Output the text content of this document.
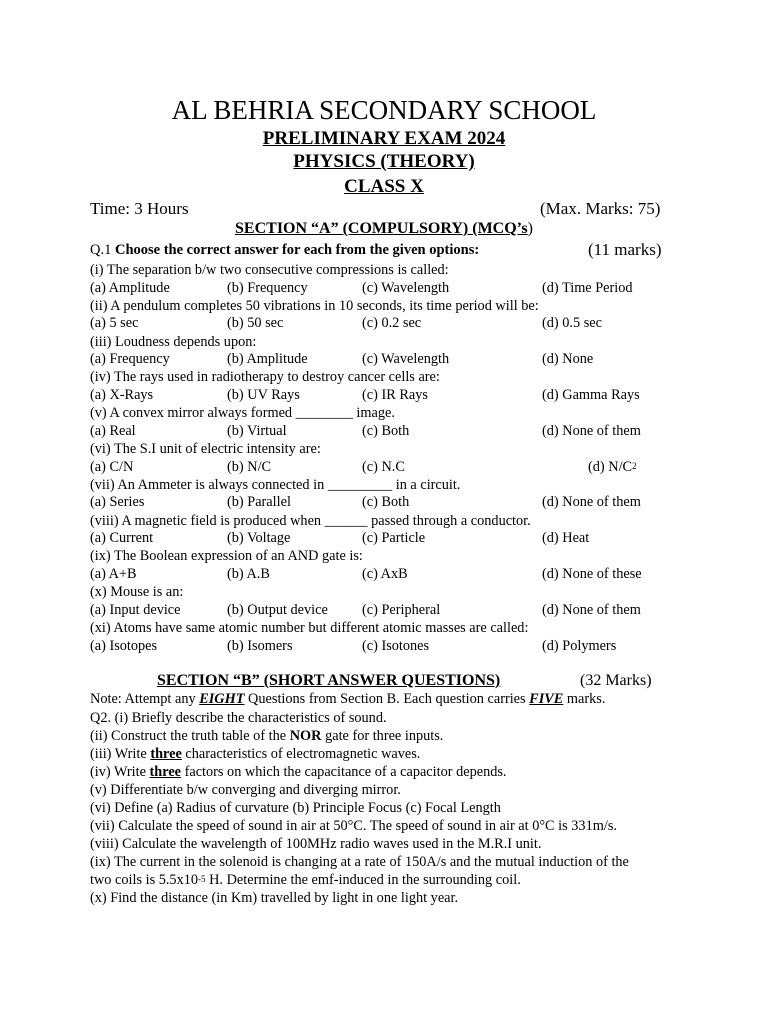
AL BEHRIA SECONDARY SCHOOL
PRELIMINARY EXAM 2024
PHYSICS (THEORY)
CLASS X
Time: 3 Hours	(Max. Marks: 75)
SECTION “A” (COMPULSORY) (MCQ’s)
Q.1 Choose the correct answer for each from the given options:	(11 marks)
(i) The separation b/w two consecutive compressions is called:
(a) Amplitude	(b) Frequency	(c) Wavelength	(d) Time Period
(ii) A pendulum completes 50 vibrations in 10 seconds, its time period will be:
(a) 5 sec	(b) 50 sec	(c) 0.2 sec	(d) 0.5 sec
(iii) Loudness depends upon:
(a) Frequency	(b) Amplitude	(c) Wavelength	(d) None
(iv) The rays used in radiotherapy to destroy cancer cells are:
(a) X-Rays	(b) UV Rays	(c) IR Rays	(d) Gamma Rays
(v) A convex mirror always formed ________ image.
(a) Real	(b) Virtual	(c) Both	(d) None of them
(vi) The S.I unit of electric intensity are:
(a) C/N	(b) N/C	(c) N.C	(d) $N/C^2$
(vii) An Ammeter is always connected in _________ in a circuit.
(a) Series	(b) Parallel	(c) Both	(d) None of them
(viii) A magnetic field is produced when ______ passed through a conductor.
(a) Current	(b) Voltage	(c) Particle	(d) Heat
(ix) The Boolean expression of an AND gate is:
(a) A+B	(b) A.B	(c) AxB	(d) None of these
(x) Mouse is an:
(a) Input device	(b) Output device (c) Peripheral	(d) None of them
(xi) Atoms have same atomic number but different atomic masses are called:
(a) Isotopes	(b) Isomers	(c) Isotones	(d) Polymers
SECTION “B” (SHORT ANSWER QUESTIONS)	(32 Marks)
Note: Attempt any EIGHT Questions from Section B. Each question carries FIVE marks.
Q2. (i) Briefly describe the characteristics of sound.
(ii) Construct the truth table of the NOR gate for three inputs.
(iii) Write three characteristics of electromagnetic waves.
(iv) Write three factors on which the capacitance of a capacitor depends.
(v) Differentiate b/w converging and diverging mirror.
(vi) Define (a) Radius of curvature (b) Principle Focus (c) Focal Length
(vii) Calculate the speed of sound in air at 50°C. The speed of sound in air at 0°C is 331m/s.
(viii) Calculate the wavelength of 100MHz radio waves used in the M.R.I unit.
(ix) The current in the solenoid is changing at a rate of 150A/s and the mutual induction of the
two coils is $5.5x10^{-5}$ H. Determine the emf-induced in the surrounding coil.
(x) Find the distance (in Km) travelled by light in one light year.
